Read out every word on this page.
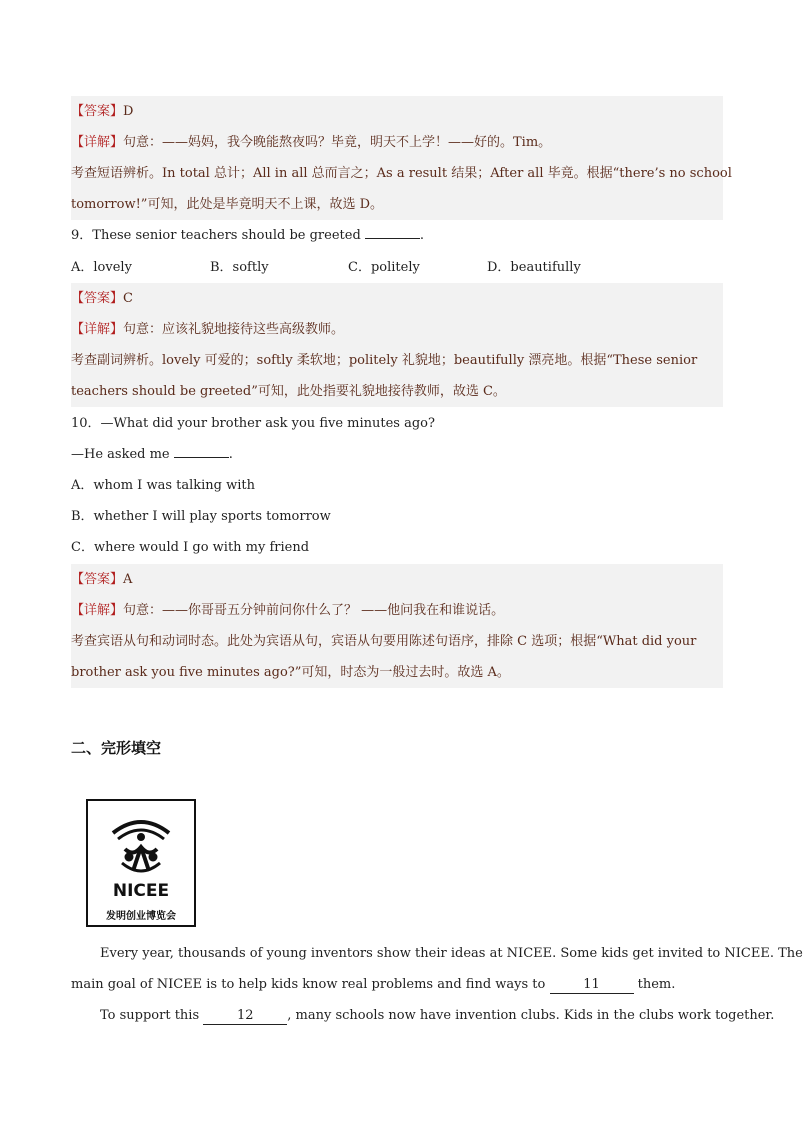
【答案】D
【详解】句意：——妈妈，我今晚能熬夜吗？毕竟，明天不上学！——好的。Tim。
考查短语辨析。In total 总计；All in all 总而言之；As a result 结果；After all 毕竟。根据“there’s no school
tomorrow!”可知，此处是毕竟明天不上课，故选 D。
9．These senior teachers should be greeted	.
A．lovely	B．softly	C．politely	D．beautifully
【答案】C
【详解】句意：应该礼貌地接待这些高级教师。
考查副词辨析。lovely 可爱的；softly 柔软地；politely 礼貌地；beautifully 漂亮地。根据“These senior
teachers should be greeted”可知，此处指要礼貌地接待教师，故选 C。
10．—What did your brother ask you five minutes ago?
—He asked me	.
A．whom I was talking with
B．whether I will play sports tomorrow
C．where would I go with my friend
【答案】A
【详解】句意：——你哥哥五分钟前问你什么了？ ——他问我在和谁说话。
考查宾语从句和动词时态。此处为宾语从句，宾语从句要用陈述句语序，排除 C 选项；根据“What did your
brother ask you five minutes ago?”可知，时态为一般过去时。故选 A。
二、完形填空
NICEE
发明创业博览会
Every year, thousands of young inventors show their ideas at NICEE. Some kids get invited to NICEE. The
main goal of NICEE is to help kids know real problems and find ways to	11	them.
To support this	12	, many schools now have invention clubs. Kids in the clubs work together.
